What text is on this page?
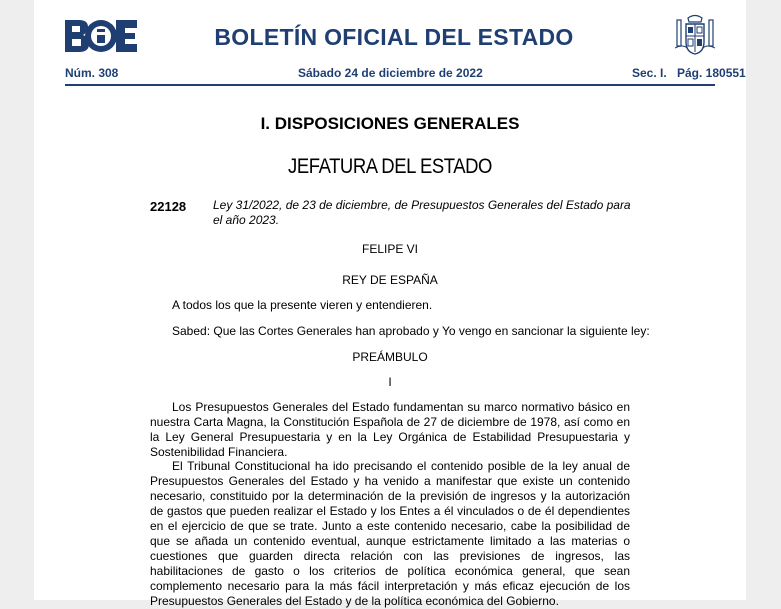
BOLETÍN OFICIAL DEL ESTADO
Núm. 308	Sábado 24 de diciembre de 2022	Sec. I. Pág. 180551
I. DISPOSICIONES GENERALES
JEFATURA DEL ESTADO
22128 Ley 31/2022, de 23 de diciembre, de Presupuestos Generales del Estado para el año 2023.
FELIPE VI
REY DE ESPAÑA
A todos los que la presente vieren y entendieren.
Sabed: Que las Cortes Generales han aprobado y Yo vengo en sancionar la siguiente ley:
PREÁMBULO
I

Los Presupuestos Generales del Estado fundamentan su marco normativo básico en nuestra Carta Magna, la Constitución Española de 27 de diciembre de 1978, así como en la Ley General Presupuestaria y en la Ley Orgánica de Estabilidad Presupuestaria y Sostenibilidad Financiera.

El Tribunal Constitucional ha ido precisando el contenido posible de la ley anual de Presupuestos Generales del Estado y ha venido a manifestar que existe un contenido necesario, constituido por la determinación de la previsión de ingresos y la autorización de gastos que pueden realizar el Estado y los Entes a él vinculados o de él dependientes en el ejercicio de que se trate. Junto a este contenido necesario, cabe la posibilidad de que se añada un contenido eventual, aunque estrictamente limitado a las materias o cuestiones que guarden directa relación con las previsiones de ingresos, las habilitaciones de gasto o los criterios de política económica general, que sean complemento necesario para la más fácil interpretación y más eficaz ejecución de los Presupuestos Generales del Estado y de la política económica del Gobierno.
